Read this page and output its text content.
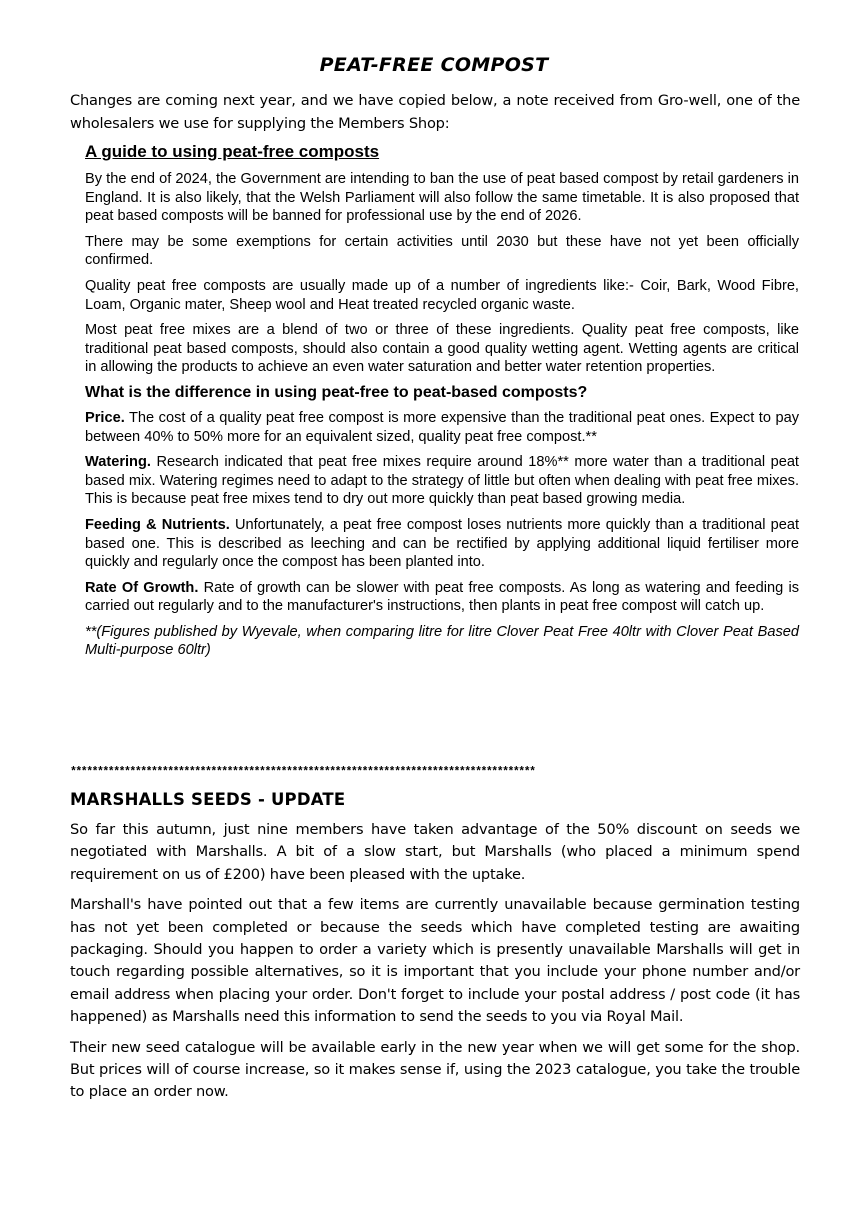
PEAT-FREE COMPOST
Changes are coming next year, and we have copied below, a note received from Gro-well, one of the wholesalers we use for supplying the Members Shop:
A guide to using peat-free composts

By the end of 2024, the Government are intending to ban the use of peat based compost by retail gardeners in England. It is also likely, that the Welsh Parliament will also follow the same timetable. It is also proposed that peat based composts will be banned for professional use by the end of 2026.

There may be some exemptions for certain activities until 2030 but these have not yet been officially confirmed.

Quality peat free composts are usually made up of a number of ingredients like:- Coir, Bark, Wood Fibre, Loam, Organic mater, Sheep wool and Heat treated recycled organic waste.

Most peat free mixes are a blend of two or three of these ingredients. Quality peat free composts, like traditional peat based composts, should also contain a good quality wetting agent. Wetting agents are critical in allowing the products to achieve an even water saturation and better water retention properties.

What is the difference in using peat-free to peat-based composts?

Price. The cost of a quality peat free compost is more expensive than the traditional peat ones. Expect to pay between 40% to 50% more for an equivalent sized, quality peat free compost.**

Watering. Research indicated that peat free mixes require around 18%** more water than a traditional peat based mix. Watering regimes need to adapt to the strategy of little but often when dealing with peat free mixes. This is because peat free mixes tend to dry out more quickly than peat based growing media.

Feeding & Nutrients. Unfortunately, a peat free compost loses nutrients more quickly than a traditional peat based one. This is described as leeching and can be rectified by applying additional liquid fertiliser more quickly and regularly once the compost has been planted into.

Rate Of Growth. Rate of growth can be slower with peat free composts. As long as watering and feeding is carried out regularly and to the manufacturer's instructions, then plants in peat free compost will catch up.

**(Figures published by Wyevale, when comparing litre for litre Clover Peat Free 40ltr with Clover Peat Based Multi-purpose 60ltr)

**************************************************************************************
MARSHALLS SEEDS - UPDATE

So far this autumn, just nine members have taken advantage of the 50% discount on seeds we negotiated with Marshalls. A bit of a slow start, but Marshalls (who placed a minimum spend requirement on us of £200) have been pleased with the uptake.

Marshall's have pointed out that a few items are currently unavailable because germination testing has not yet been completed or because the seeds which have completed testing are awaiting packaging. Should you happen to order a variety which is presently unavailable Marshalls will get in touch regarding possible alternatives, so it is important that you include your phone number and/or email address when placing your order. Don't forget to include your postal address / post code (it has happened) as Marshalls need this information to send the seeds to you via Royal Mail.

Their new seed catalogue will be available early in the new year when we will get some for the shop. But prices will of course increase, so it makes sense if, using the 2023 catalogue, you take the trouble to place an order now.
